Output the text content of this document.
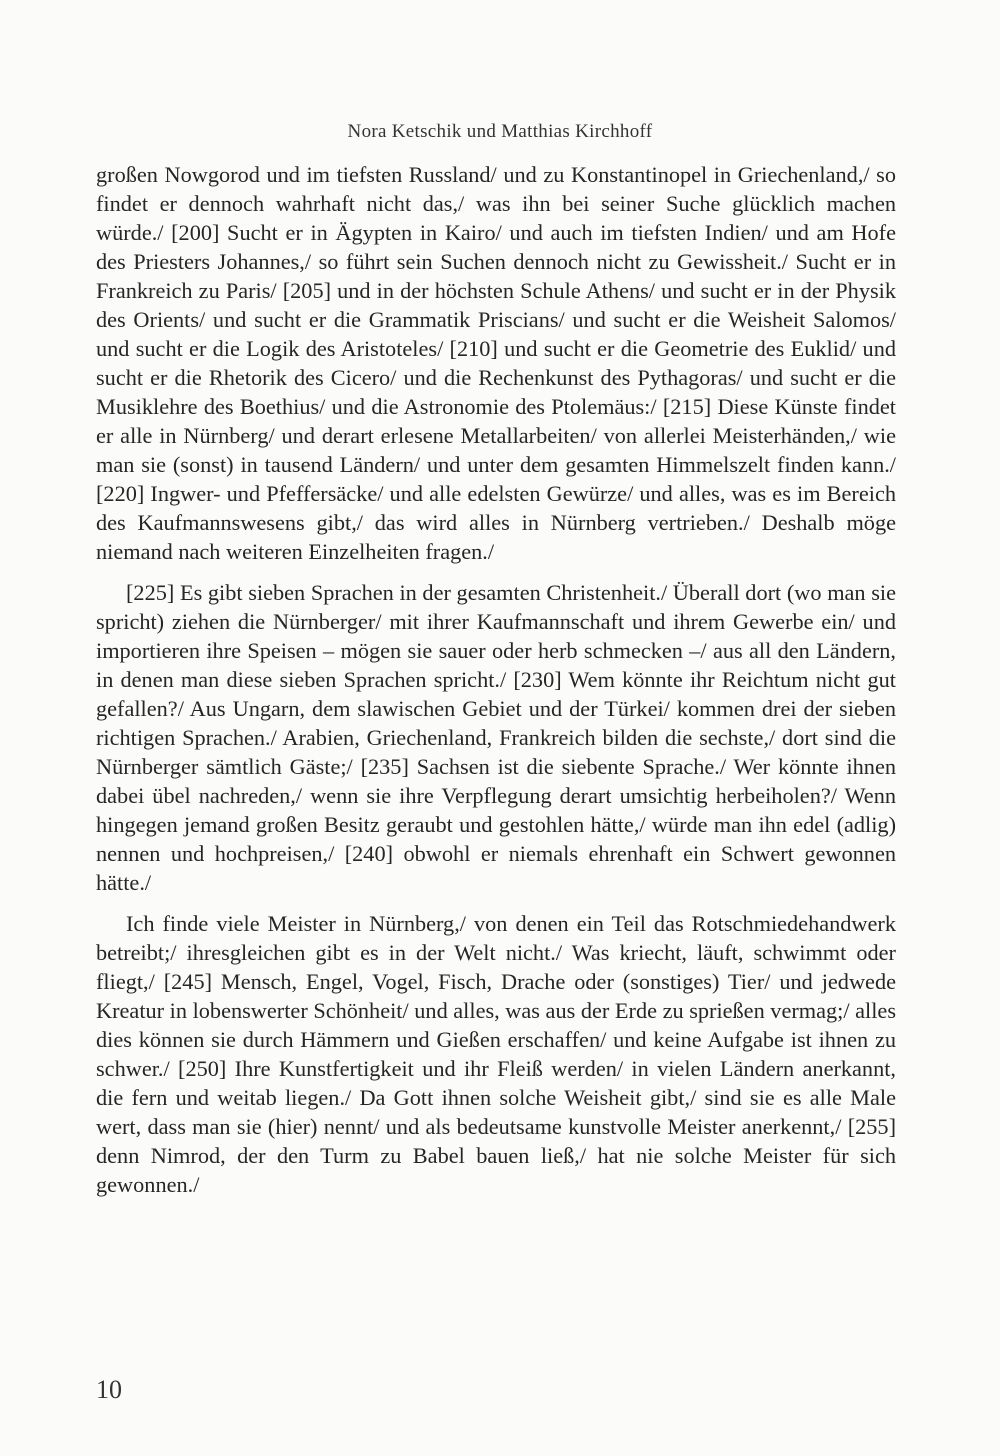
Nora Ketschik und Matthias Kirchhoff

großen Nowgorod und im tiefsten Russland/ und zu Konstantinopel in Griechenland,/ so findet er dennoch wahrhaft nicht das,/ was ihn bei seiner Suche glücklich machen würde./ [200] Sucht er in Ägypten in Kairo/ und auch im tiefsten Indien/ und am Hofe des Priesters Johannes,/ so führt sein Suchen dennoch nicht zu Gewissheit./ Sucht er in Frankreich zu Paris/ [205] und in der höchsten Schule Athens/ und sucht er in der Physik des Orients/ und sucht er die Grammatik Priscians/ und sucht er die Weisheit Salomos/ und sucht er die Logik des Aristoteles/ [210] und sucht er die Geometrie des Euklid/ und sucht er die Rhetorik des Cicero/ und die Rechenkunst des Pythagoras/ und sucht er die Musiklehre des Boethius/ und die Astronomie des Ptolemäus:/ [215] Diese Künste findet er alle in Nürnberg/ und derart erlesene Metallarbeiten/ von allerlei Meisterhänden,/ wie man sie (sonst) in tausend Ländern/ und unter dem gesamten Himmelszelt finden kann./ [220] Ingwer- und Pfeffersäcke/ und alle edelsten Gewürze/ und alles, was es im Bereich des Kaufmannswesens gibt,/ das wird alles in Nürnberg vertrieben./ Deshalb möge niemand nach weiteren Einzelheiten fragen./

[225] Es gibt sieben Sprachen in der gesamten Christenheit./ Überall dort (wo man sie spricht) ziehen die Nürnberger/ mit ihrer Kaufmannschaft und ihrem Gewerbe ein/ und importieren ihre Speisen – mögen sie sauer oder herb schmecken –/ aus all den Ländern, in denen man diese sieben Sprachen spricht./ [230] Wem könnte ihr Reichtum nicht gut gefallen?/ Aus Ungarn, dem slawischen Gebiet und der Türkei/ kommen drei der sieben richtigen Sprachen./ Arabien, Griechenland, Frankreich bilden die sechste,/ dort sind die Nürnberger sämtlich Gäste;/ [235] Sachsen ist die siebente Sprache./ Wer könnte ihnen dabei übel nachreden,/ wenn sie ihre Verpflegung derart umsichtig herbeiholen?/ Wenn hingegen jemand großen Besitz geraubt und gestohlen hätte,/ würde man ihn edel (adlig) nennen und hochpreisen,/ [240] obwohl er niemals ehrenhaft ein Schwert gewonnen hätte./

Ich finde viele Meister in Nürnberg,/ von denen ein Teil das Rotschmiedehandwerk betreibt;/ ihresgleichen gibt es in der Welt nicht./ Was kriecht, läuft, schwimmt oder fliegt,/ [245] Mensch, Engel, Vogel, Fisch, Drache oder (sonstiges) Tier/ und jedwede Kreatur in lobenswerter Schönheit/ und alles, was aus der Erde zu sprießen vermag;/ alles dies können sie durch Hämmern und Gießen erschaffen/ und keine Aufgabe ist ihnen zu schwer./ [250] Ihre Kunstfertigkeit und ihr Fleiß werden/ in vielen Ländern anerkannt, die fern und weitab liegen./ Da Gott ihnen solche Weisheit gibt,/ sind sie es alle Male wert, dass man sie (hier) nennt/ und als bedeutsame kunstvolle Meister anerkennt,/ [255] denn Nimrod, der den Turm zu Babel bauen ließ,/ hat nie solche Meister für sich gewonnen./

10
